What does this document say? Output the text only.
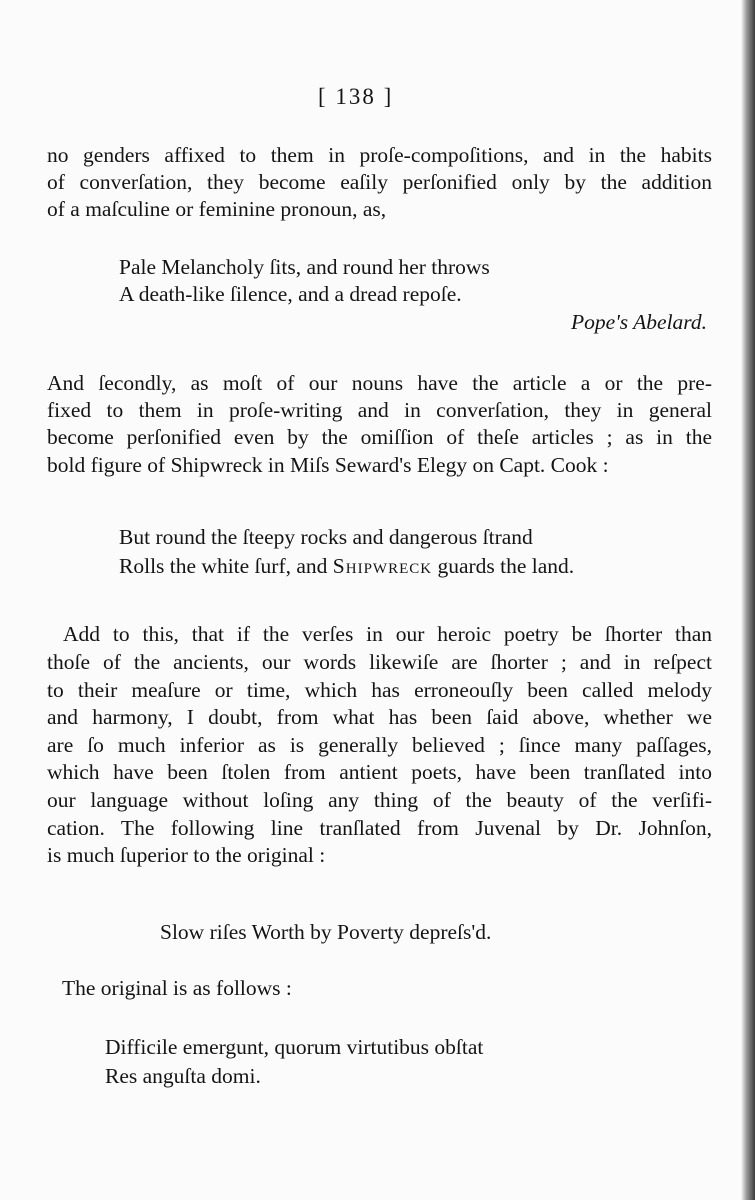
[ 138 ]
no genders affixed to them in proſe-compoſitions, and in the habits
of converſation, they become eaſily perſonified only by the addition
of a maſculine or feminine pronoun, as,
Pale Melancholy ſits, and round her throws
A death-like ſilence, and a dread repoſe.
Pope's Abelard.
And ſecondly, as moſt of our nouns have the article a or the pre-
fixed to them in proſe-writing and in converſation, they in general
become perſonified even by the omiſſion of theſe articles ; as in the
bold figure of Shipwreck in Miſs Seward's Elegy on Capt. Cook :
But round the ſteepy rocks and dangerous ſtrand
Rolls the white ſurf, and Shipwreck guards the land.
Add to this, that if the verſes in our heroic poetry be ſhorter than
thoſe of the ancients, our words likewiſe are ſhorter ; and in reſpect
to their meaſure or time, which has erroneouſly been called melody
and harmony, I doubt, from what has been ſaid above, whether we
are ſo much inferior as is generally believed ; ſince many paſſages,
which have been ſtolen from antient poets, have been tranſlated into
our language without loſing any thing of the beauty of the verſifi-
cation. The following line tranſlated from Juvenal by Dr. Johnſon,
is much ſuperior to the original :
Slow riſes Worth by Poverty depreſs'd.
The original is as follows :
Difficile emergunt, quorum virtutibus obſtat
Res anguſta domi.
